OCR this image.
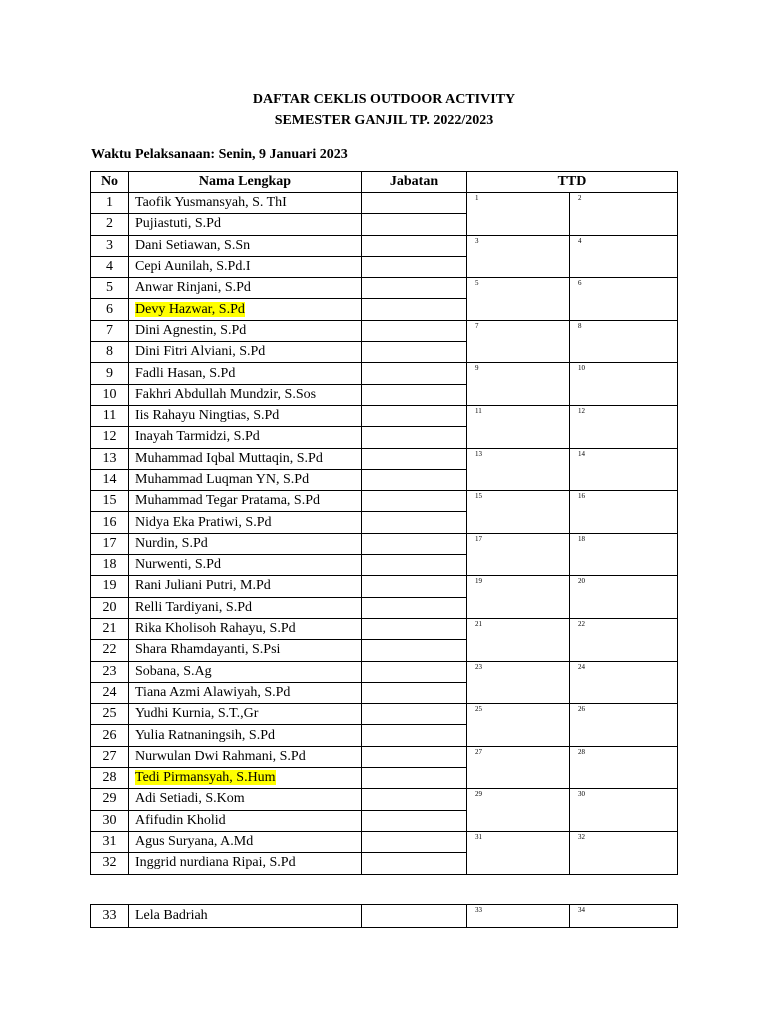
DAFTAR CEKLIS OUTDOOR ACTIVITY
SEMESTER GANJIL TP. 2022/2023
Waktu Pelaksanaan: Senin, 9 Januari 2023
No	Nama Lengkap	Jabatan	TTD	
1	Taofik Yusmansyah, S. ThI		1	2

2	Pujiastuti, S.Pd			
3	Dani Setiawan, S.Sn		3	4

4	Cepi Aunilah, S.Pd.I			
5	Anwar Rinjani, S.Pd		5	6

6	Devy Hazwar, S.Pd			
7	Dini Agnestin, S.Pd		7	8

8	Dini Fitri Alviani, S.Pd			
9	Fadli Hasan, S.Pd		9	10

10	Fakhri Abdullah Mundzir, S.Sos			
11	Iis Rahayu Ningtias, S.Pd		11	12

12	Inayah Tarmidzi, S.Pd			
13	Muhammad Iqbal Muttaqin, S.Pd		13	14

14	Muhammad Luqman YN, S.Pd			
15	Muhammad Tegar Pratama, S.Pd		15	16

16	Nidya Eka Pratiwi, S.Pd			
17	Nurdin, S.Pd		17	18

18	Nurwenti, S.Pd			
19	Rani Juliani Putri, M.Pd		19	20

20	Relli Tardiyani, S.Pd			
21	Rika Kholisoh Rahayu, S.Pd		21	22

22	Shara Rhamdayanti, S.Psi			
23	Sobana, S.Ag		23	24

24	Tiana Azmi Alawiyah, S.Pd			
25	Yudhi Kurnia, S.T.,Gr		25	26

26	Yulia Ratnaningsih, S.Pd			
27	Nurwulan Dwi Rahmani, S.Pd		27	28

28	Tedi Pirmansyah, S.Hum			
29	Adi Setiadi, S.Kom		29	30

30	Afifudin Kholid			
31	Agus Suryana, A.Md		31	32

32	Inggrid nurdiana Ripai, S.Pd			
33	Lela Badriah		33	34
